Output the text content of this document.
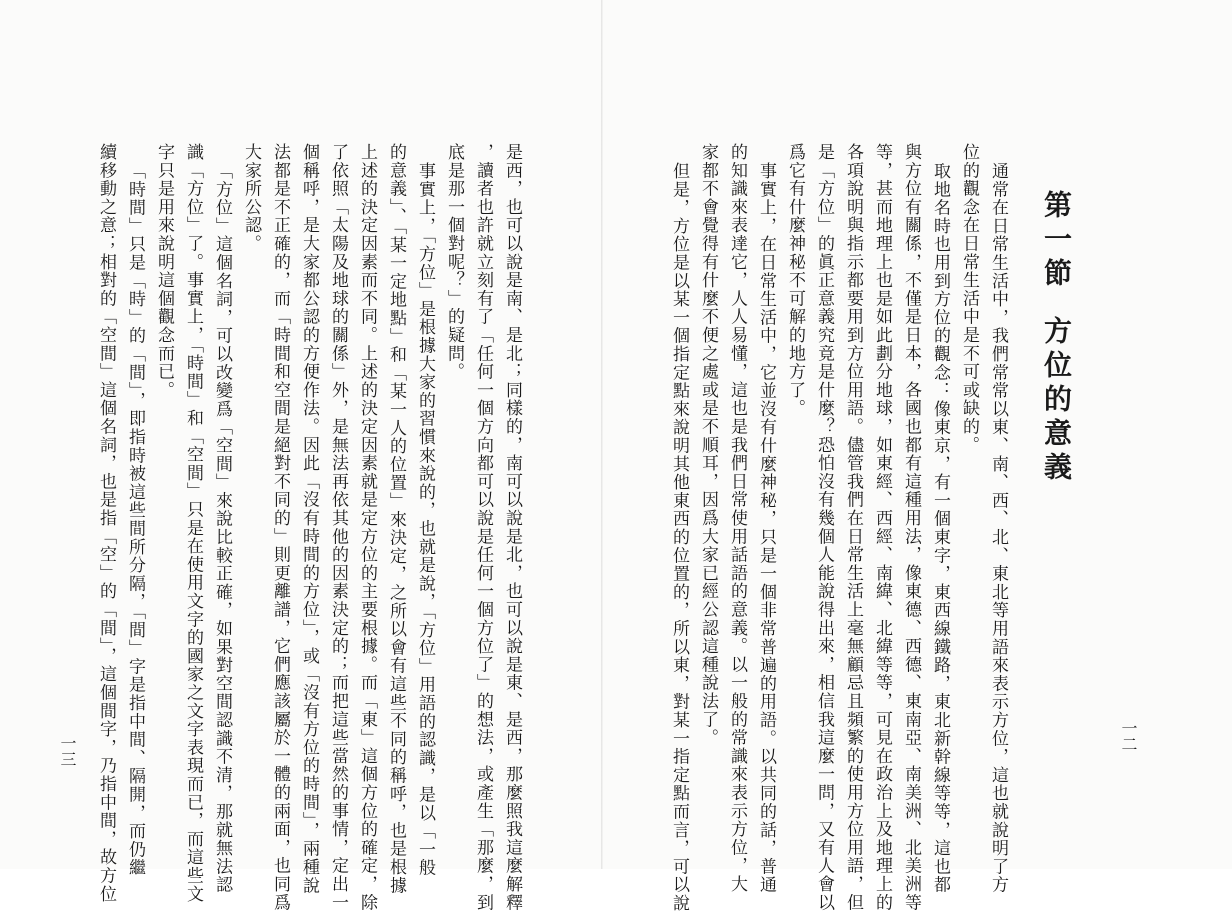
第一節方位的意義
通常在日常生活中，我們常常以東、南、西、北、東北等用語來表示方位，這也就說明了方
位的觀念在日常生活中是不可或缺的。
取地名時也用到方位的觀念：像東京，有一個東字，東西線鐵路，東北新幹線等等，這也都
與方位有關係，不僅是日本，各國也都有這種用法，像東德、西德、東南亞、南美洲、北美洲等
等，甚而地理上也是如此劃分地球，如東經、西經、南緯、北緯等等，可見在政治上及地理上的
各項說明與指示都要用到方位用語。儘管我們在日常生活上毫無顧忌且頻繁的使用方位用語，但
是「方位」的眞正意義究竟是什麼？恐怕沒有幾個人能說得出來，相信我這麼一問，又有人會以
爲它有什麼神秘不可解的地方了。
事實上，在日常生活中，它並沒有什麼神秘，只是一個非常普遍的用語。以共同的話，普通
的知識來表達它，人人易懂，這也是我們日常使用話語的意義。以一般的常識來表示方位，大
家都不會覺得有什麼不便之處或是不順耳，因爲大家已經公認這種說法了。
但是，方位是以某一個指定點來說明其他東西的位置的，所以東，對某一指定點而言，可以說	一二
是西，也可以說是南、是北；同樣的，南可以說是北，也可以說是東、是西，那麼照我這麼解釋
，讀者也許就立刻有了「任何一個方向都可以說是任何一個方位了」的想法，或產生「那麼，到
底是那一個對呢？」的疑問。
事實上，「方位」是根據大家的習慣來說的，也就是說，「方位」用語的認識，是以「一般
的意義」、「某一定地點」和「某一人的位置」來決定，之所以會有這些不同的稱呼，也是根據
上述的決定因素而不同。上述的決定因素就是定方位的主要根據。而「東」這個方位的確定，除
了依照「太陽及地球的關係」外，是無法再依其他的因素決定的；而把這些當然的事情，定出一
個稱呼，是大家都公認的方便作法。因此「沒有時間的方位」，或「沒有方位的時間」，兩種說
法都是不正確的，而「時間和空間是絕對不同的」則更離譜，它們應該屬於一體的兩面，也同爲
大家所公認。
「方位」這個名詞，可以改變爲「空間」來說比較正確，如果對空間認識不清，那就無法認
識「方位」了。事實上，「時間」和「空間」只是在使用文字的國家之文字表現而已，而這些文
字只是用來說明這個觀念而已。
「時間」只是「時」的「間」，即指時被這些間所分隔，「間」字是指中間、隔開，而仍繼
續移動之意；相對的「空間」這個名詞，也是指「空」的「間」，這個間字，乃指中間，故方位
一三
